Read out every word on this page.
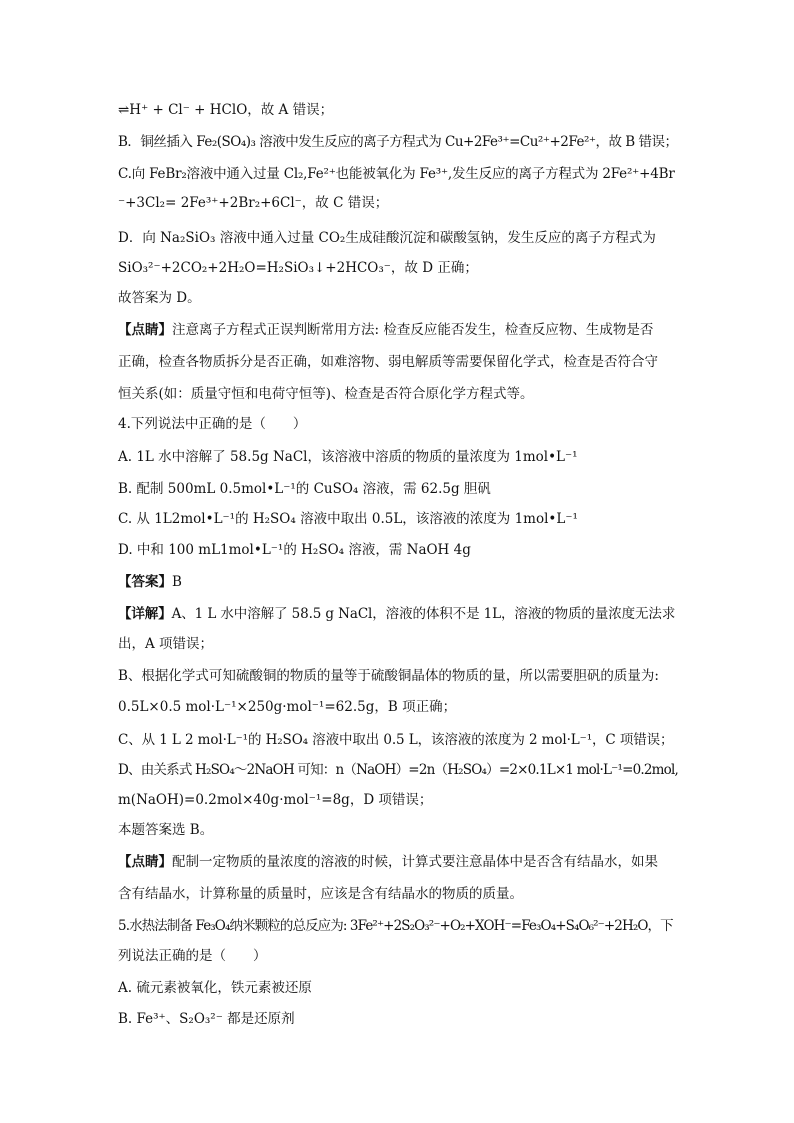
⇌H⁺ + Cl⁻ + HClO，故 A 错误；
B．铜丝插入 Fe₂(SO₄)₃ 溶液中发生反应的离子方程式为 Cu+2Fe³⁺=Cu²⁺+2Fe²⁺，故 B 错误；
C.向 FeBr₂溶液中通入过量 Cl₂,Fe²⁺也能被氧化为 Fe³⁺,发生反应的离子方程式为 2Fe²⁺+4Br
⁻+3Cl₂= 2Fe³⁺+2Br₂+6Cl⁻，故 C 错误；
D．向 Na₂SiO₃ 溶液中通入过量 CO₂生成硅酸沉淀和碳酸氢钠，发生反应的离子方程式为
SiO₃²⁻+2CO₂+2H₂O=H₂SiO₃↓+2HCO₃⁻，故 D 正确；
故答案为 D。
【点睛】注意离子方程式正误判断常用方法: 检查反应能否发生，检查反应物、生成物是否
正确，检查各物质拆分是否正确，如难溶物、弱电解质等需要保留化学式，检查是否符合守
恒关系(如：质量守恒和电荷守恒等)、检查是否符合原化学方程式等。
4.下列说法中正确的是（　　）
A. 1L 水中溶解了 58.5g NaCl，该溶液中溶质的物质的量浓度为 1mol•L⁻¹
B. 配制 500mL 0.5mol•L⁻¹的 CuSO₄ 溶液，需 62.5g 胆矾
C. 从 1L2mol•L⁻¹的 H₂SO₄ 溶液中取出 0.5L，该溶液的浓度为 1mol•L⁻¹
D. 中和 100 mL1mol•L⁻¹的 H₂SO₄ 溶液，需 NaOH 4g
【答案】B
【详解】A、1 L 水中溶解了 58.5 g NaCl，溶液的体积不是 1L，溶液的物质的量浓度无法求
出，A 项错误；
B、根据化学式可知硫酸铜的物质的量等于硫酸铜晶体的物质的量，所以需要胆矾的质量为:
0.5L×0.5 mol·L⁻¹×250g·mol⁻¹=62.5g，B 项正确；
C、从 1 L 2 mol·L⁻¹的 H₂SO₄ 溶液中取出 0.5 L，该溶液的浓度为 2 mol·L⁻¹，C 项错误；
D、由关系式 H₂SO₄～2NaOH 可知：n（NaOH）=2n（H₂SO₄）=2×0.1L×1 mol·L⁻¹=0.2mol,
m(NaOH)=0.2mol×40g·mol⁻¹=8g，D 项错误；
本题答案选 B。
【点睛】配制一定物质的量浓度的溶液的时候，计算式要注意晶体中是否含有结晶水，如果
含有结晶水，计算称量的质量时，应该是含有结晶水的物质的质量。
5.水热法制备 Fe₃O₄纳米颗粒的总反应为: 3Fe²⁺+2S₂O₃²⁻+O₂+XOH⁻=Fe₃O₄+S₄O₆²⁻+2H₂O，下
列说法正确的是（　　）
A. 硫元素被氧化，铁元素被还原
B. Fe³⁺、S₂O₃²⁻ 都是还原剂
